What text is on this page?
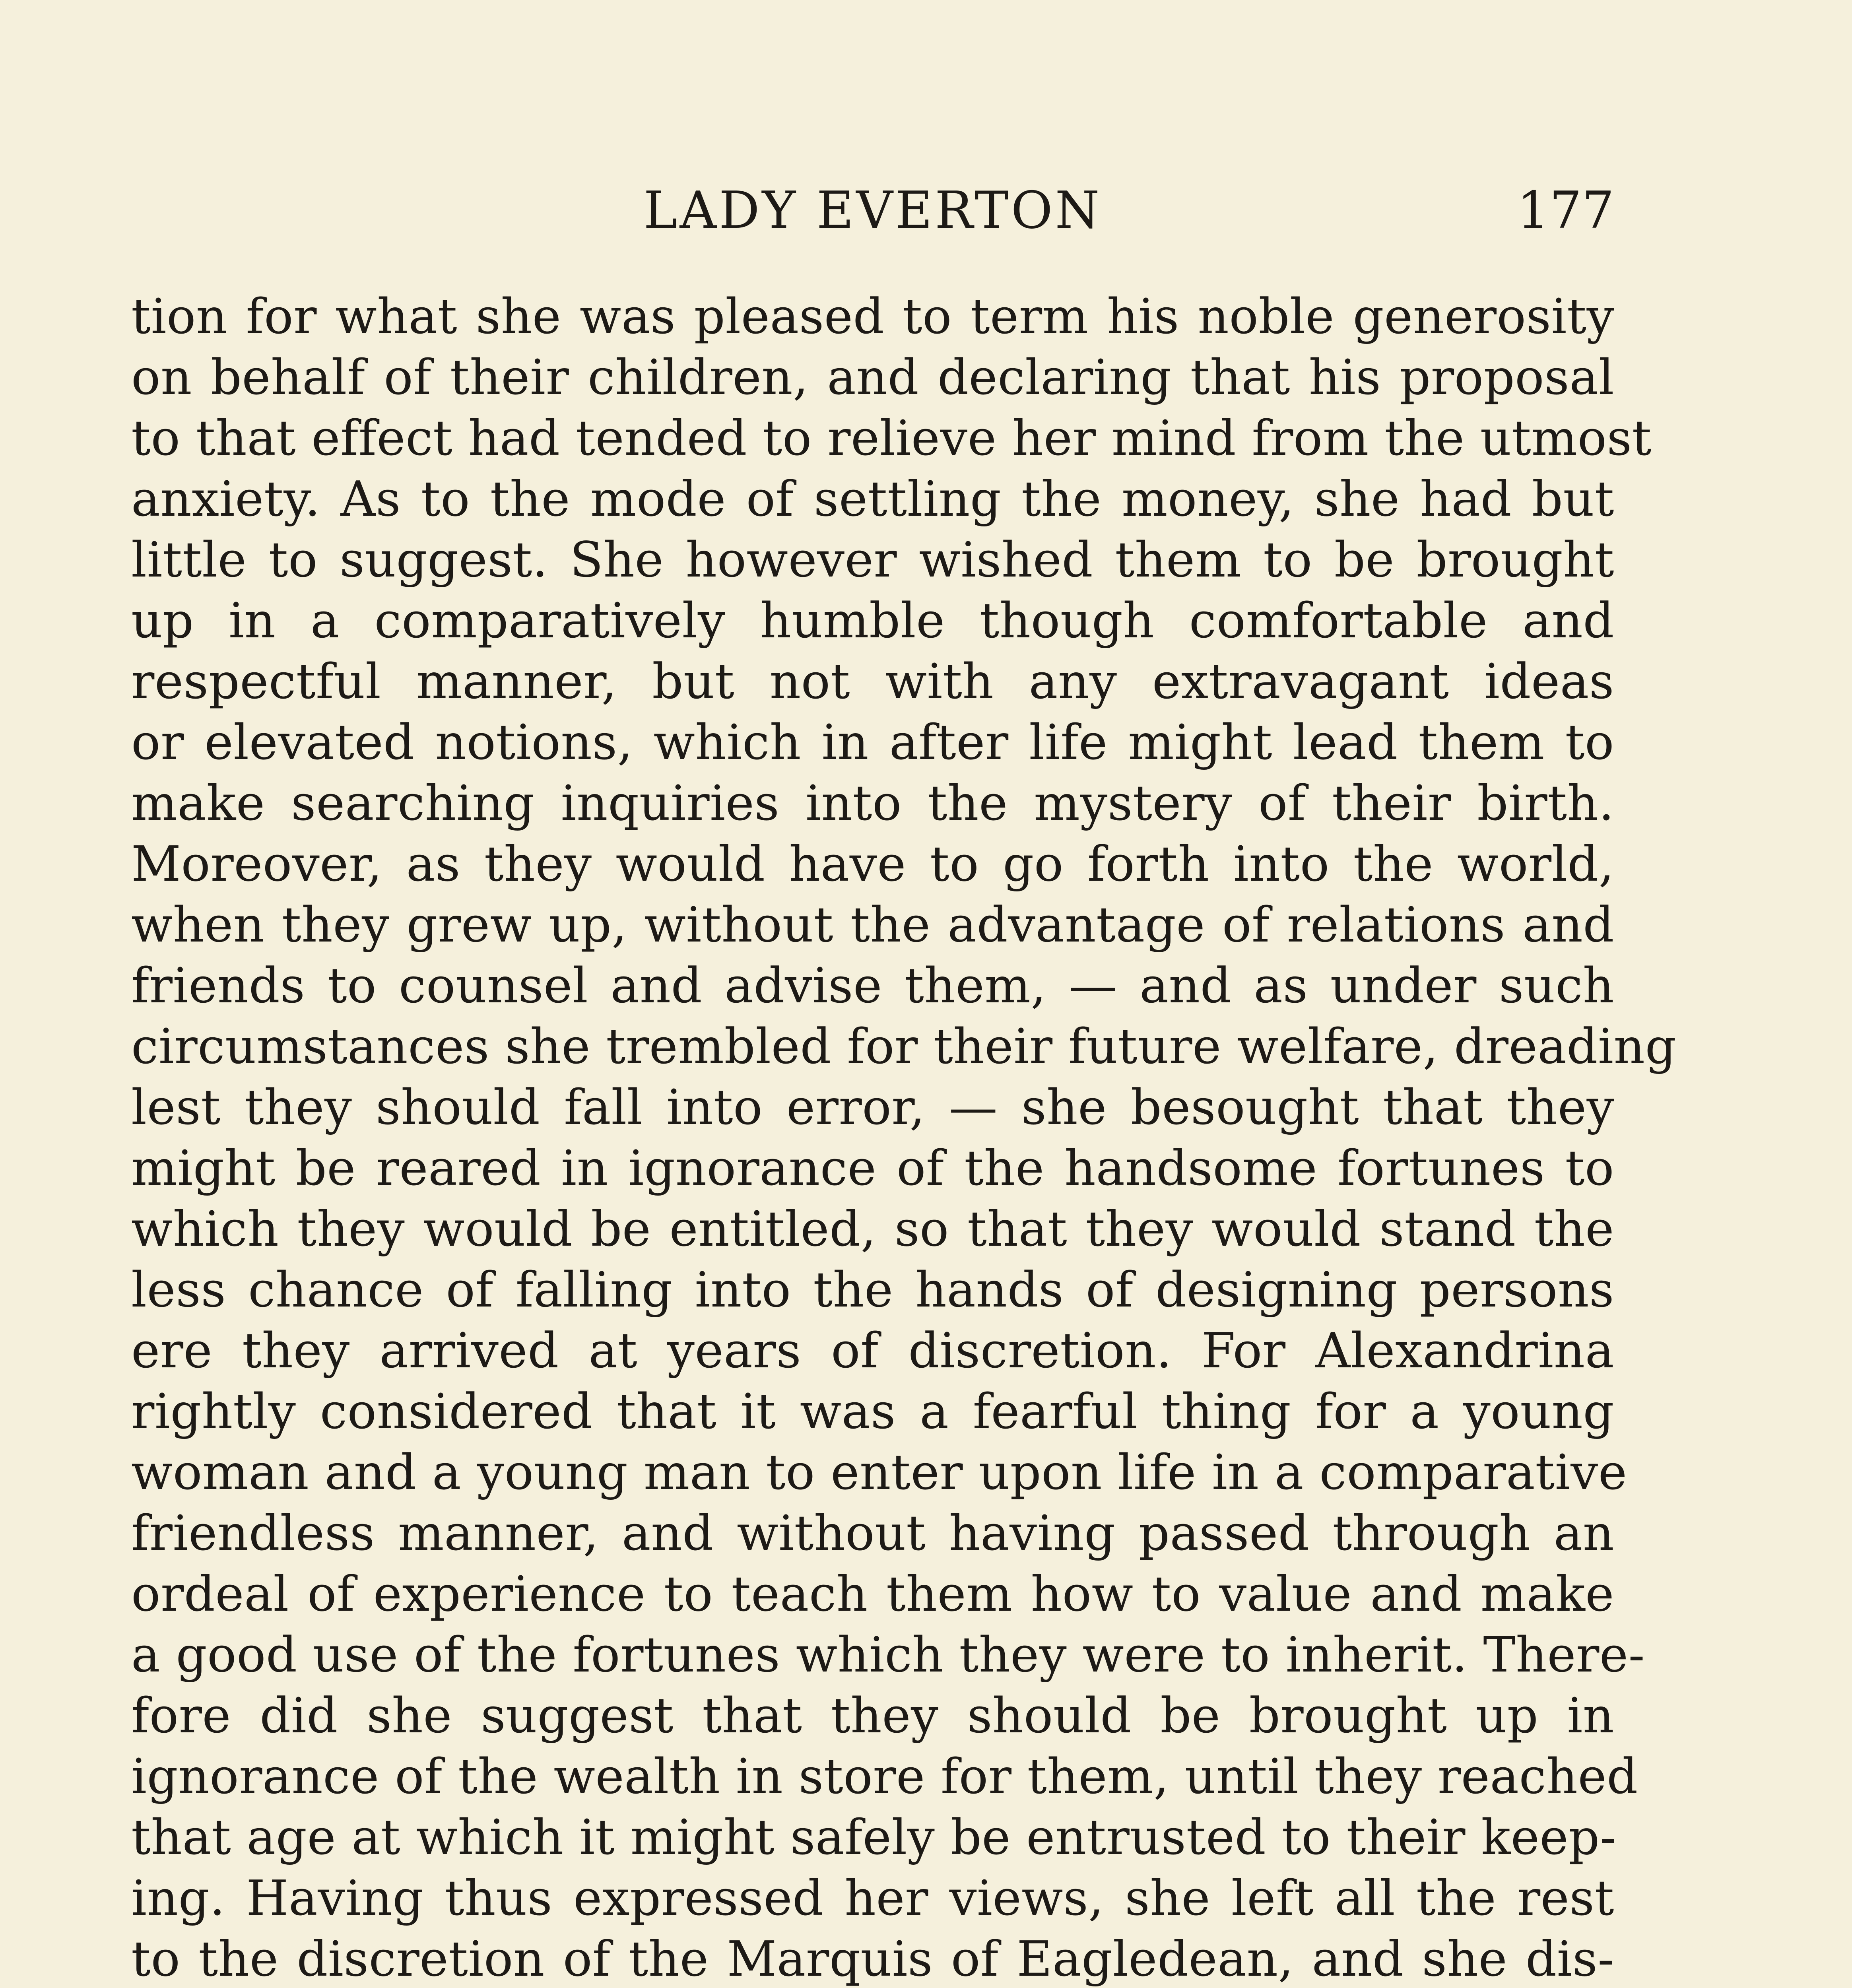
LADY EVERTON	177
tion for what she was pleased to term his noble generosity
on behalf of their children, and declaring that his proposal
to that effect had tended to relieve her mind from the utmost
anxiety. As to the mode of settling the money, she had but
little to suggest. She however wished them to be brought
up in a comparatively humble though comfortable and
respectful manner, but not with any extravagant ideas
or elevated notions, which in after life might lead them to
make searching inquiries into the mystery of their birth.
Moreover, as they would have to go forth into the world,
when they grew up, without the advantage of relations and
friends to counsel and advise them, — and as under such
circumstances she trembled for their future welfare, dreading
lest they should fall into error, — she besought that they
might be reared in ignorance of the handsome fortunes to
which they would be entitled, so that they would stand the
less chance of falling into the hands of designing persons
ere they arrived at years of discretion. For Alexandrina
rightly considered that it was a fearful thing for a young
woman and a young man to enter upon life in a comparative
friendless manner, and without having passed through an
ordeal of experience to teach them how to value and make
a good use of the fortunes which they were to inherit. There-
fore did she suggest that they should be brought up in
ignorance of the wealth in store for them, until they reached
that age at which it might safely be entrusted to their keep-
ing. Having thus expressed her views, she left all the rest
to the discretion of the Marquis of Eagledean, and she dis-
